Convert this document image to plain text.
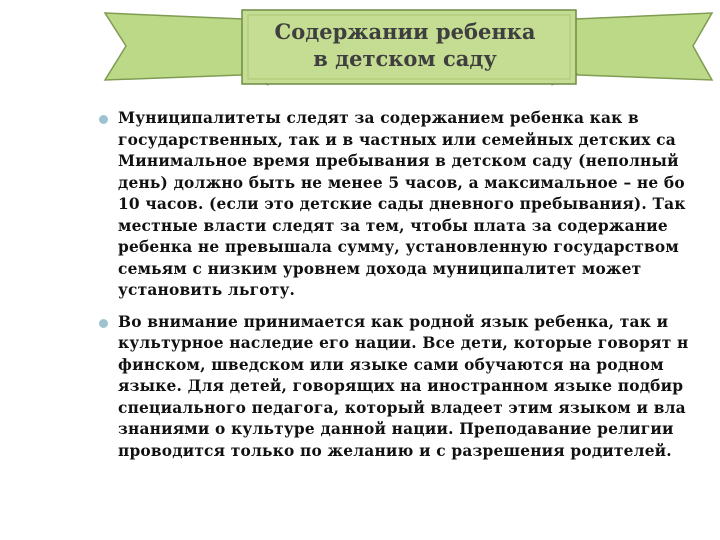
Содержании ребенка
в детском саду
Муниципалитеты следят за содержанием ребенка как в
государственных, так и в частных или семейных детских са
Минимальное время пребывания в детском саду (неполный
день) должно быть не менее 5 часов, а максимальное – не бо
10 часов. (если это детские сады дневного пребывания). Так
местные власти следят за тем, чтобы плата за содержание
ребенка не превышала сумму, установленную государством
семьям с низким уровнем дохода муниципалитет может
установить льготу.
Во внимание принимается как родной язык ребенка, так и
культурное наследие его нации. Все дети, которые говорят н
финском, шведском или языке сами обучаются на родном
языке. Для детей, говорящих на иностранном языке подбир
специального педагога, который владеет этим языком и вла
знаниями о культуре данной нации. Преподавание религии
проводится только по желанию и с разрешения родителей.
